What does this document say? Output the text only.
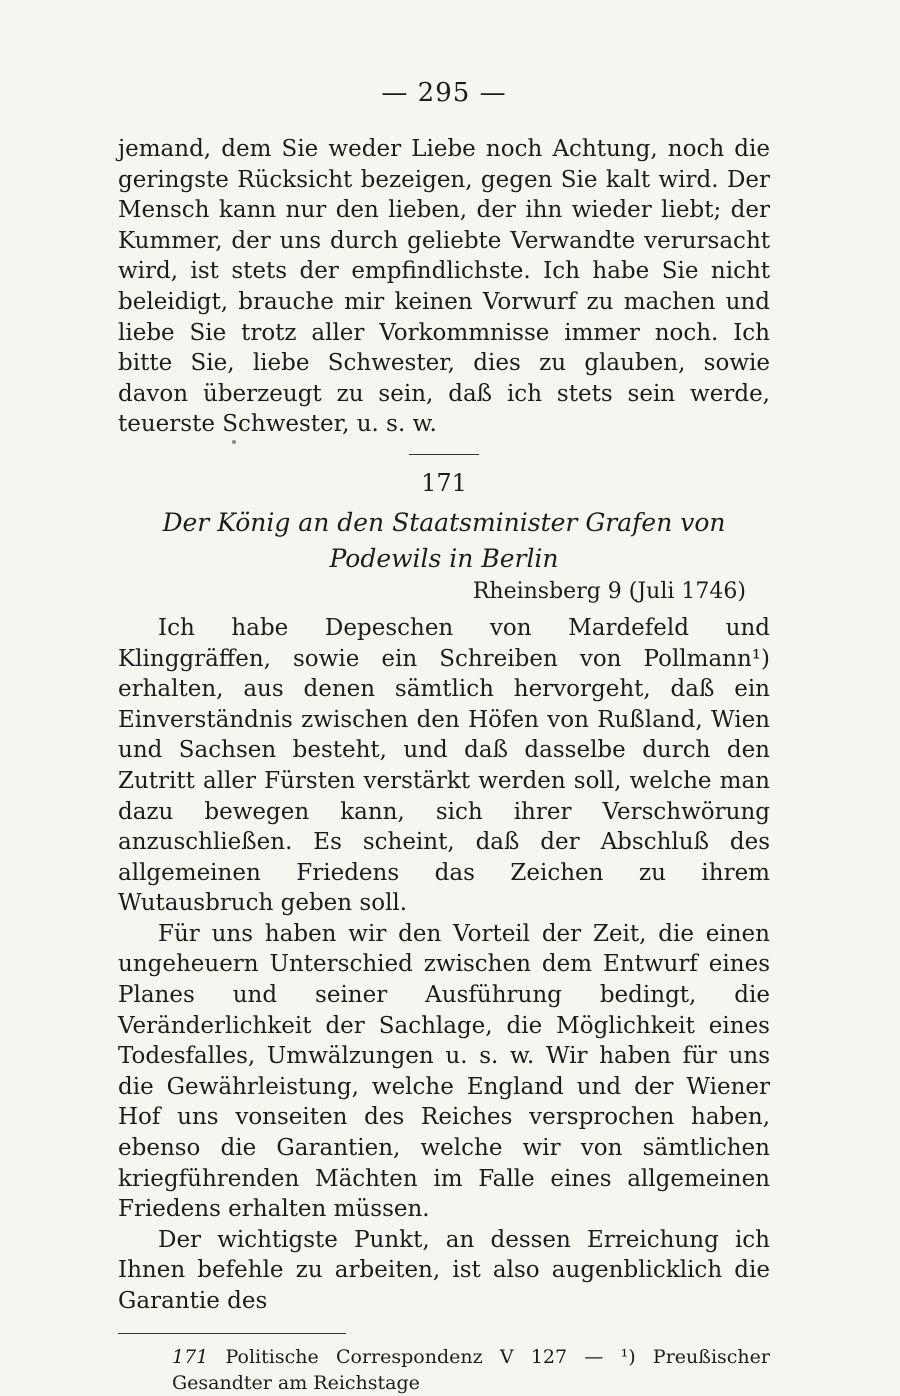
— 295 —

jemand, dem Sie weder Liebe noch Achtung, noch die geringste Rücksicht bezeigen, gegen Sie kalt wird. Der Mensch kann nur den lieben, der ihn wieder liebt; der Kummer, der uns durch geliebte Verwandte verursacht wird, ist stets der empfindlichste. Ich habe Sie nicht beleidigt, brauche mir keinen Vorwurf zu machen und liebe Sie trotz aller Vorkommnisse immer noch. Ich bitte Sie, liebe Schwester, dies zu glauben, sowie davon überzeugt zu sein, daß ich stets sein werde, teuerste Schwester, u. s. w.

171
Der König an den Staatsminister Grafen von Podewils in Berlin
Rheinsberg 9 (Juli 1746)

Ich habe Depeschen von Mardefeld und Klinggräffen, sowie ein Schreiben von Pollmann¹) erhalten, aus denen sämtlich hervorgeht, daß ein Einverständnis zwischen den Höfen von Rußland, Wien und Sachsen besteht, und daß dasselbe durch den Zutritt aller Fürsten verstärkt werden soll, welche man dazu bewegen kann, sich ihrer Verschwörung anzuschließen. Es scheint, daß der Abschluß des allgemeinen Friedens das Zeichen zu ihrem Wutausbruch geben soll.

Für uns haben wir den Vorteil der Zeit, die einen ungeheuern Unterschied zwischen dem Entwurf eines Planes und seiner Ausführung bedingt, die Veränderlichkeit der Sachlage, die Möglichkeit eines Todesfalles, Umwälzungen u. s. w. Wir haben für uns die Gewährleistung, welche England und der Wiener Hof uns vonseiten des Reiches versprochen haben, ebenso die Garantien, welche wir von sämtlichen kriegführenden Mächten im Falle eines allgemeinen Friedens erhalten müssen.

Der wichtigste Punkt, an dessen Erreichung ich Ihnen befehle zu arbeiten, ist also augenblicklich die Garantie des

171 Politische Correspondenz V 127 — ¹) Preußischer Gesandter am Reichstage
